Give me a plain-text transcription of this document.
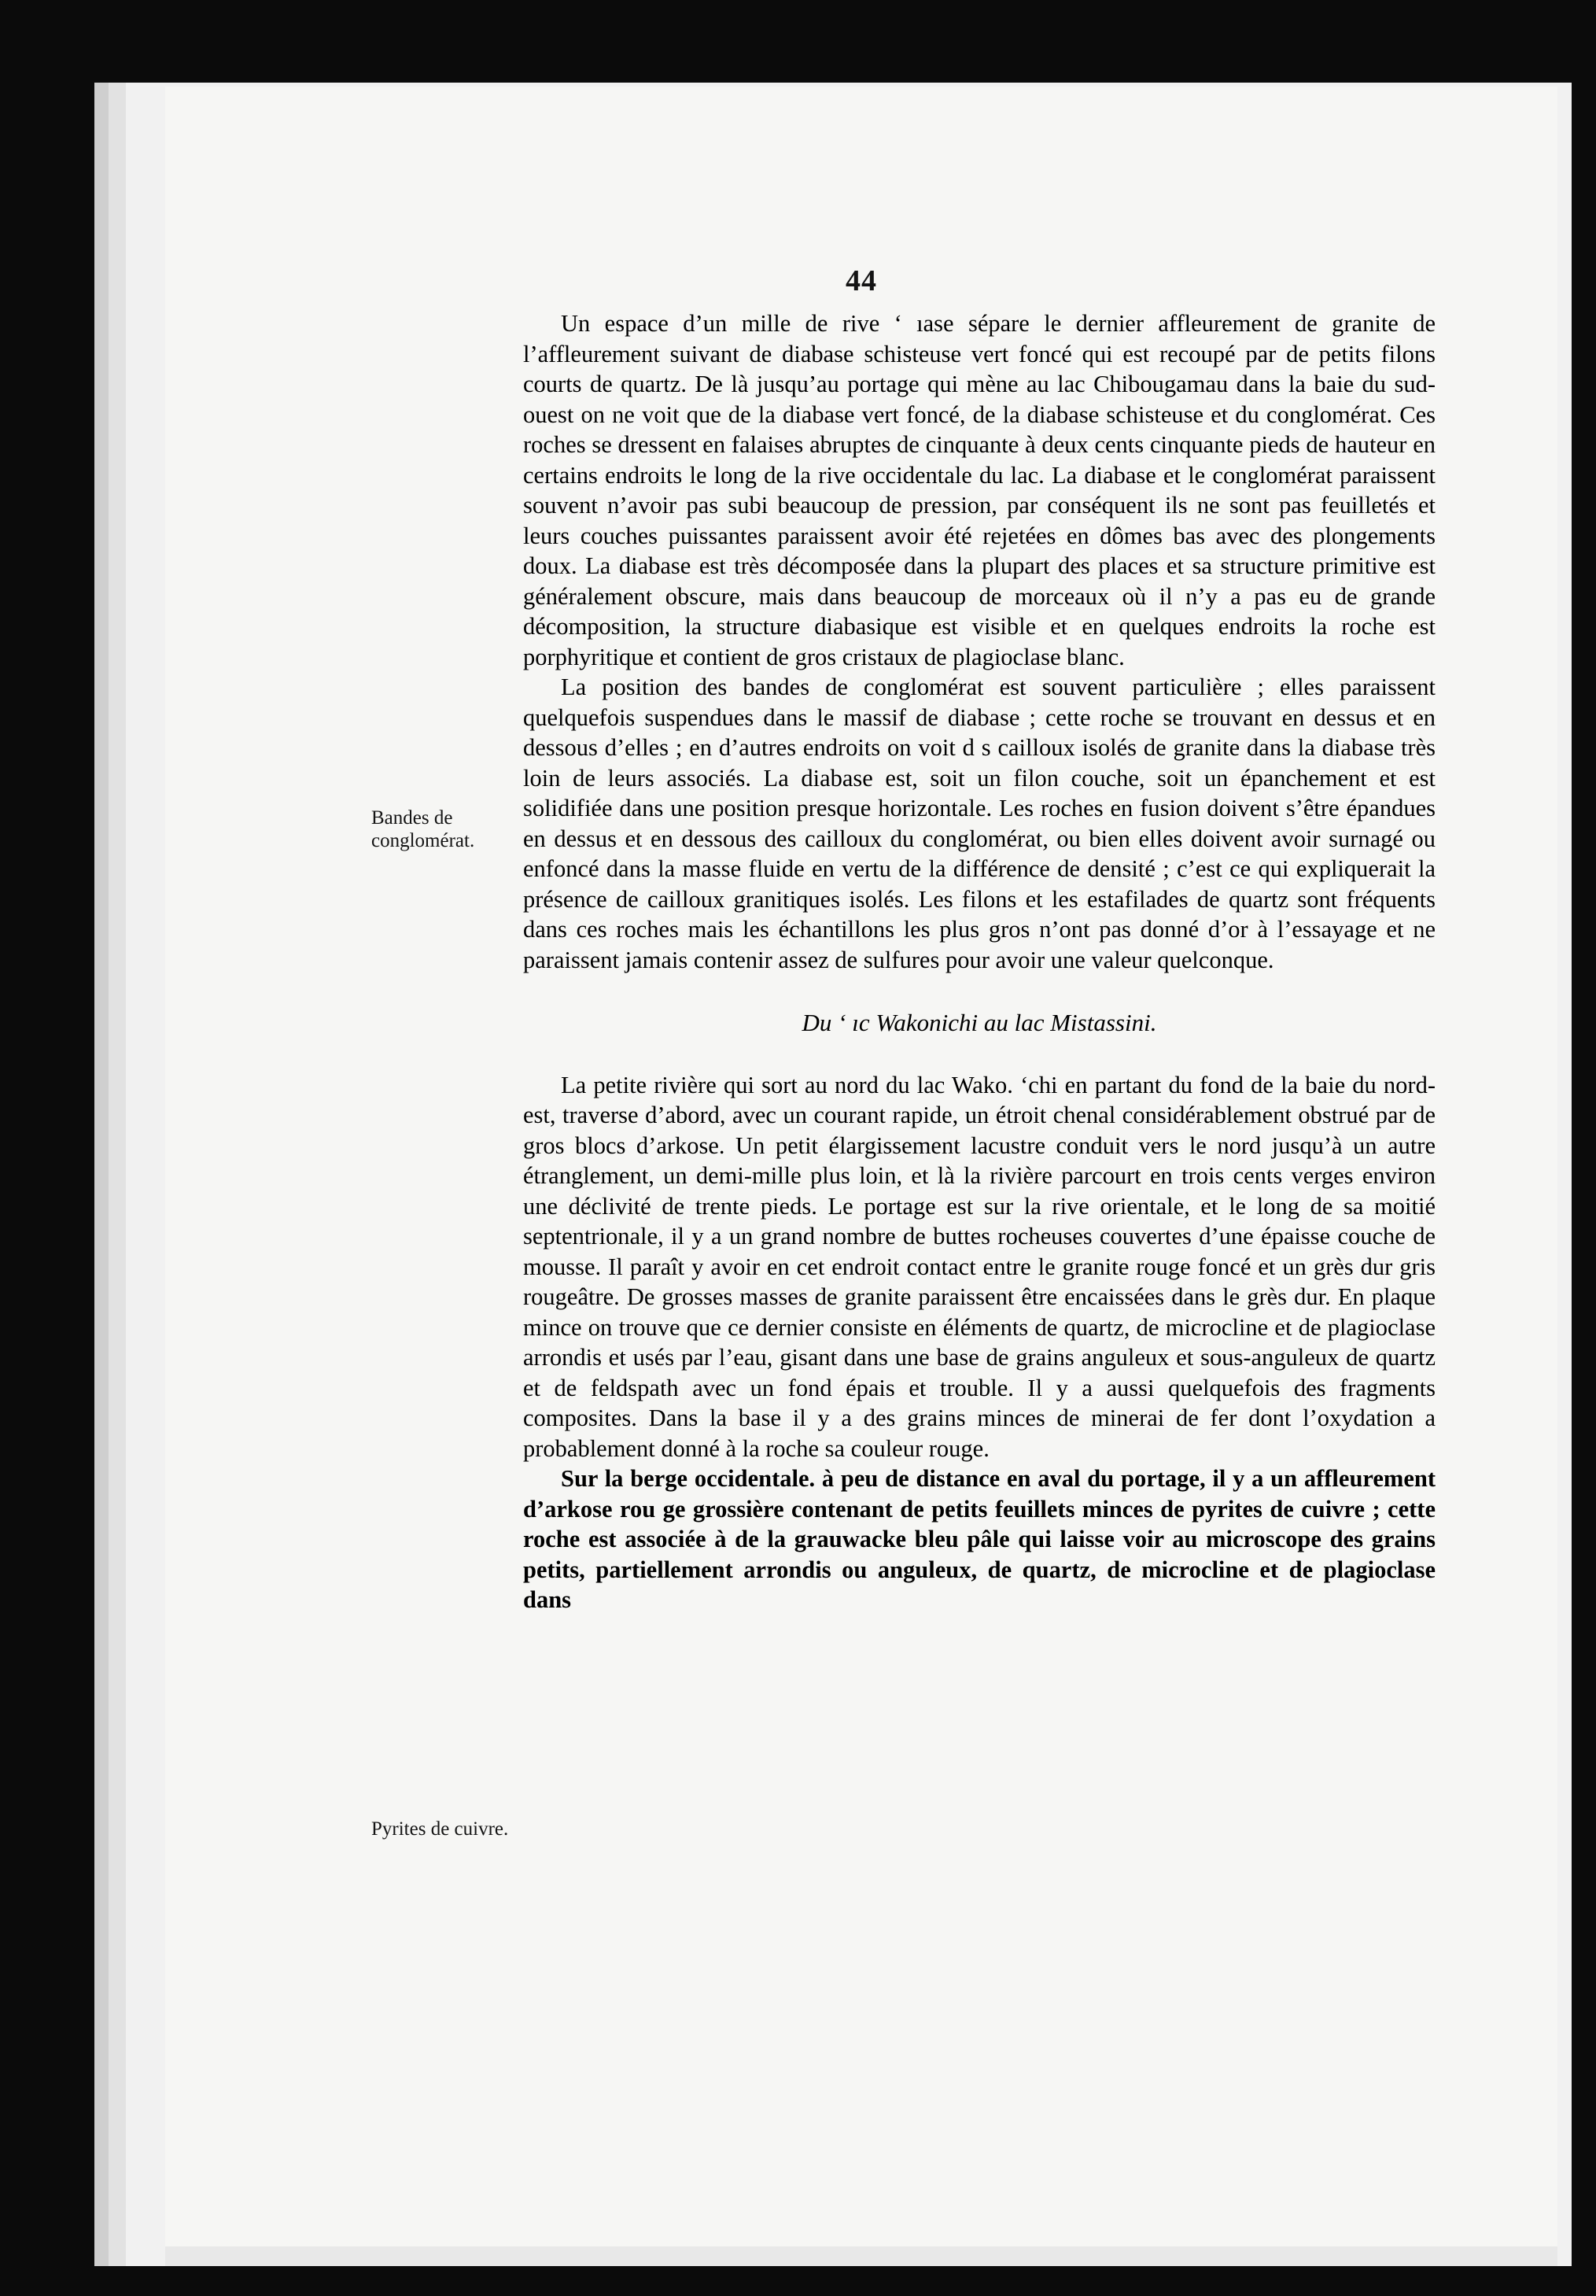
44
Bandes de conglomérat.
Pyrites de cuivre.

Un espace d’un mille de rive ‘ ıase sépare le dernier affleurement de granite de l’affleurement suivant de diabase schisteuse vert foncé qui est recoupé par de petits filons courts de quartz. De là jusqu’au portage qui mène au lac Chibougamau dans la baie du sud-ouest on ne voit que de la diabase vert foncé, de la diabase schisteuse et du conglomérat. Ces roches se dressent en falaises abruptes de cinquante à deux cents cinquante pieds de hauteur en certains endroits le long de la rive occidentale du lac. La diabase et le conglomérat paraissent souvent n’avoir pas subi beaucoup de pression, par conséquent ils ne sont pas feuilletés et leurs couches puissantes paraissent avoir été rejetées en dômes bas avec des plongements doux. La diabase est très décomposée dans la plupart des places et sa structure primitive est généralement obscure, mais dans beaucoup de morceaux où il n’y a pas eu de grande décomposition, la structure diabasique est visible et en quelques endroits la roche est porphyritique et contient de gros cristaux de plagioclase blanc.

La position des bandes de conglomérat est souvent particulière ; elles paraissent quelquefois suspendues dans le massif de diabase ; cette roche se trouvant en dessus et en dessous d’elles ; en d’autres endroits on voit d s cailloux isolés de granite dans la diabase très loin de leurs associés. La diabase est, soit un filon couche, soit un épanchement et est solidifiée dans une position presque horizontale. Les roches en fusion doivent s’être épandues en dessus et en dessous des cailloux du conglomérat, ou bien elles doivent avoir surnagé ou enfoncé dans la masse fluide en vertu de la différence de densité ; c’est ce qui expliquerait la présence de cailloux granitiques isolés. Les filons et les estafilades de quartz sont fréquents dans ces roches mais les échantillons les plus gros n’ont pas donné d’or à l’essayage et ne paraissent jamais contenir assez de sulfures pour avoir une valeur quelconque.

Du ‘ ıc Wakonichi au lac Mistassini.

La petite rivière qui sort au nord du lac Wako. ‘chi en partant du fond de la baie du nord-est, traverse d’abord, avec un courant rapide, un étroit chenal considérablement obstrué par de gros blocs d’arkose. Un petit élargissement lacustre conduit vers le nord jusqu’à un autre étranglement, un demi-mille plus loin, et là la rivière parcourt en trois cents verges environ une déclivité de trente pieds. Le portage est sur la rive orientale, et le long de sa moitié septentrionale, il y a un grand nombre de buttes rocheuses couvertes d’une épaisse couche de mousse. Il paraît y avoir en cet endroit contact entre le granite rouge foncé et un grès dur gris rougeâtre. De grosses masses de granite paraissent être encaissées dans le grès dur. En plaque mince on trouve que ce dernier consiste en éléments de quartz, de microcline et de plagioclase arrondis et usés par l’eau, gisant dans une base de grains anguleux et sous-anguleux de quartz et de feldspath avec un fond épais et trouble. Il y a aussi quelquefois des fragments composites. Dans la base il y a des grains minces de minerai de fer dont l’oxydation a probablement donné à la roche sa couleur rouge.

Sur la berge occidentale. à peu de distance en aval du portage, il y a un affleurement d’arkose rou ge grossière contenant de petits feuillets minces de pyrites de cuivre ; cette roche est associée à de la grauwacke bleu pâle qui laisse voir au microscope des grains petits, partiellement arrondis ou anguleux, de quartz, de microcline et de plagioclase dans
